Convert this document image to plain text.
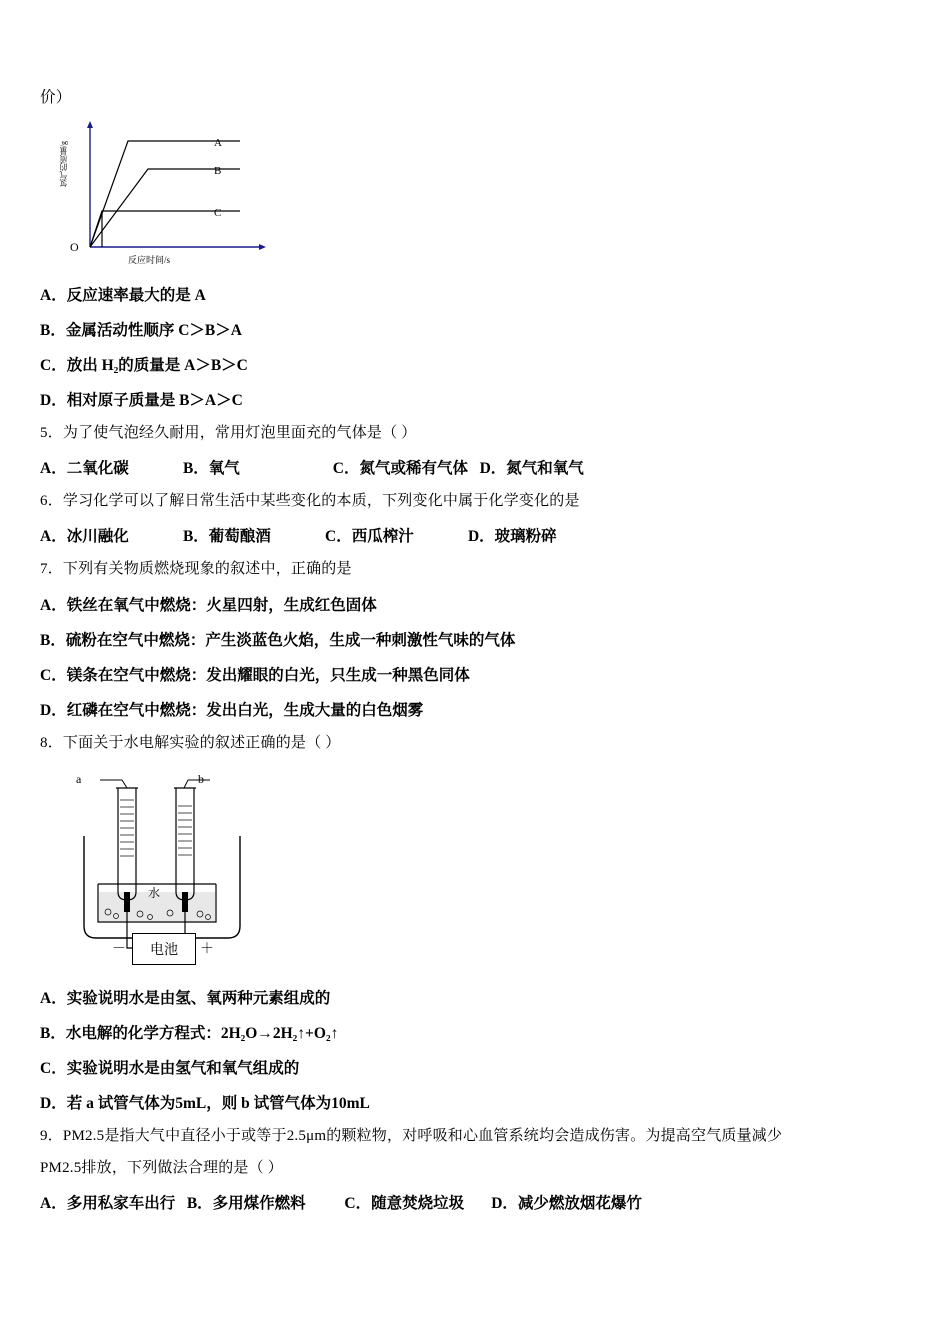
价）
氢气的质量/g
反应时间/s
O
A
B
C
A．反应速率最大的是 A
B．金属活动性顺序 C＞B＞A
C．放出 H₂的质量是 A＞B＞C
D．相对原子质量是 B＞A＞C
5．为了使气泡经久耐用，常用灯泡里面充的气体是（ ）
A．二氧化碳              B．氧气                        C．氮气或稀有气体   D．氮气和氧气
6．学习化学可以了解日常生活中某些变化的本质，下列变化中属于化学变化的是
A．冰川融化              B．葡萄酿酒              C．西瓜榨汁              D．玻璃粉碎
7．下列有关物质燃烧现象的叙述中，正确的是
A．铁丝在氧气中燃烧：火星四射，生成红色固体
B．硫粉在空气中燃烧：产生淡蓝色火焰，生成一种刺激性气味的气体
C．镁条在空气中燃烧：发出耀眼的白光，只生成一种黑色同体
D．红磷在空气中燃烧：发出白光，生成大量的白色烟雾
8．下面关于水电解实验的叙述正确的是（ ）
a	b
水
－	＋
电池
A．实验说明水是由氢、氧两种元素组成的
B．水电解的化学方程式：2H₂O→2H₂↑+O₂↑
C．实验说明水是由氢气和氧气组成的
D．若 a 试管气体为5mL，则 b 试管气体为10mL
9．PM2.5是指大气中直径小于或等于2.5μm的颗粒物，对呼吸和心血管系统均会造成伤害。为提高空气质量减少
PM2.5排放，下列做法合理的是（ ）
A．多用私家车出行   B．多用煤作燃料          C．随意焚烧垃圾       D．减少燃放烟花爆竹
